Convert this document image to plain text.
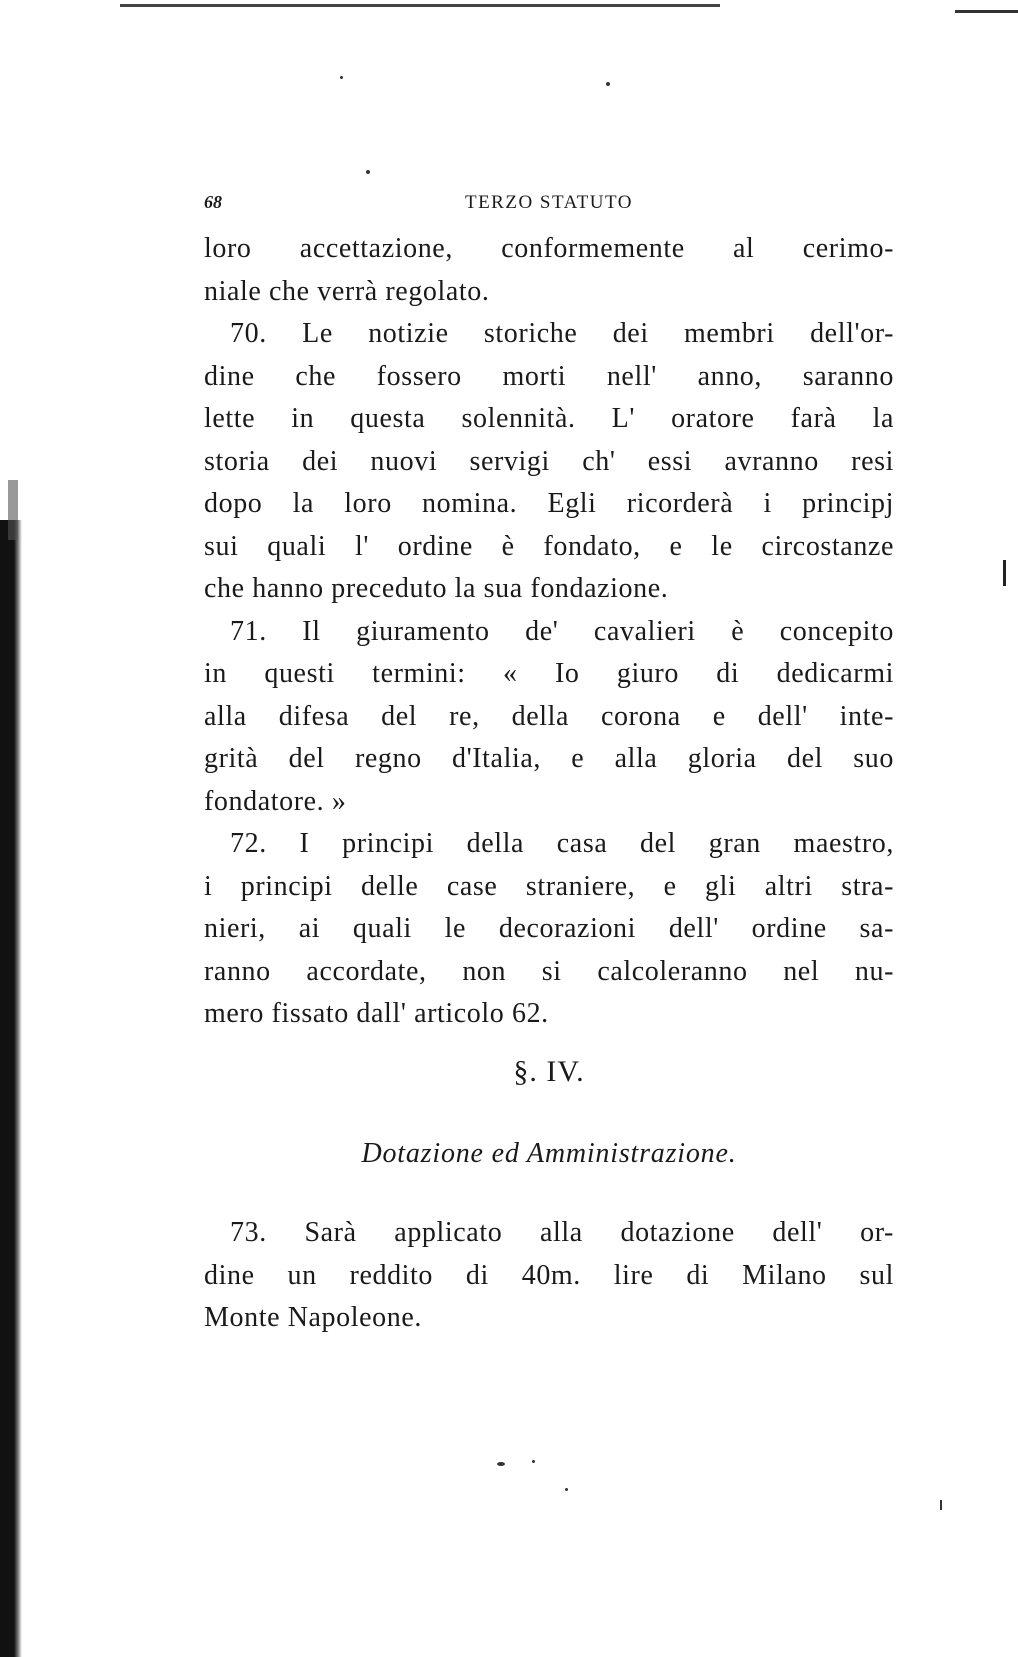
68	TERZO STATUTO
loro accettazione, conformemente al cerimo-
niale che verrà regolato.
70. Le notizie storiche dei membri dell'or-
dine che fossero morti nell' anno, saranno
lette in questa solennità. L' oratore farà la
storia dei nuovi servigi ch' essi avranno resi
dopo la loro nomina. Egli ricorderà i principj
sui quali l' ordine è fondato, e le circostanze
che hanno preceduto la sua fondazione.
71. Il giuramento de' cavalieri è concepito
in questi termini: « Io giuro di dedicarmi
alla difesa del re, della corona e dell' inte-
grità del regno d'Italia, e alla gloria del suo
fondatore. »
72. I principi della casa del gran maestro,
i principi delle case straniere, e gli altri stra-
nieri, ai quali le decorazioni dell' ordine sa-
ranno accordate, non si calcoleranno nel nu-
mero fissato dall' articolo 62.
§. IV.
Dotazione ed Amministrazione.
73. Sarà applicato alla dotazione dell' or-
dine un reddito di 40m. lire di Milano sul
Monte Napoleone.
